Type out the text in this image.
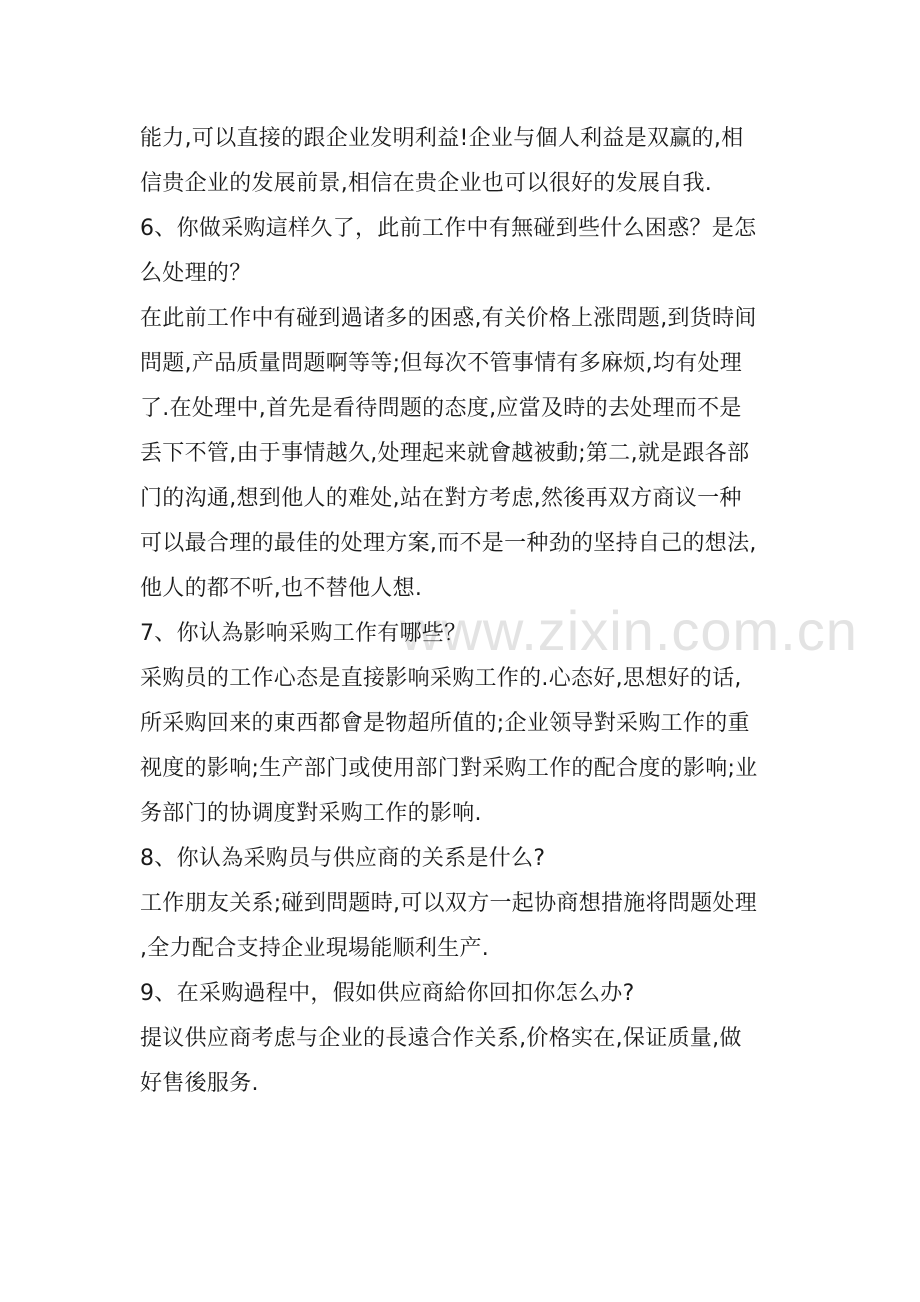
www.zixin.com.cn
能力,可以直接的跟企业发明利益!企业与個人利益是双赢的,相
信贵企业的发展前景,相信在贵企业也可以很好的发展自我.
6、你做采购這样久了，此前工作中有無碰到些什么困惑？是怎
么处理的？
在此前工作中有碰到過诸多的困惑,有关价格上涨問题,到货時间
問题,产品质量問题啊等等;但每次不管事情有多麻烦,均有处理
了.在处理中,首先是看待問题的态度,应當及時的去处理而不是
丢下不管,由于事情越久,处理起来就會越被動;第二,就是跟各部
门的沟通,想到他人的难处,站在對方考虑,然後再双方商议一种
可以最合理的最佳的处理方案,而不是一种劲的坚持自己的想法,
他人的都不听,也不替他人想.
7、你认為影响采购工作有哪些？
采购员的工作心态是直接影响采购工作的.心态好,思想好的话,
所采购回来的東西都會是物超所值的;企业领导對采购工作的重
视度的影响;生产部门或使用部门對采购工作的配合度的影响;业
务部门的协调度對采购工作的影响.
8、你认為采购员与供应商的关系是什么?
工作朋友关系;碰到問题時,可以双方一起协商想措施将問题处理
,全力配合支持企业現場能顺利生产.
9、在采购過程中，假如供应商給你回扣你怎么办?
提议供应商考虑与企业的長遠合作关系,价格实在,保证质量,做
好售後服务.
